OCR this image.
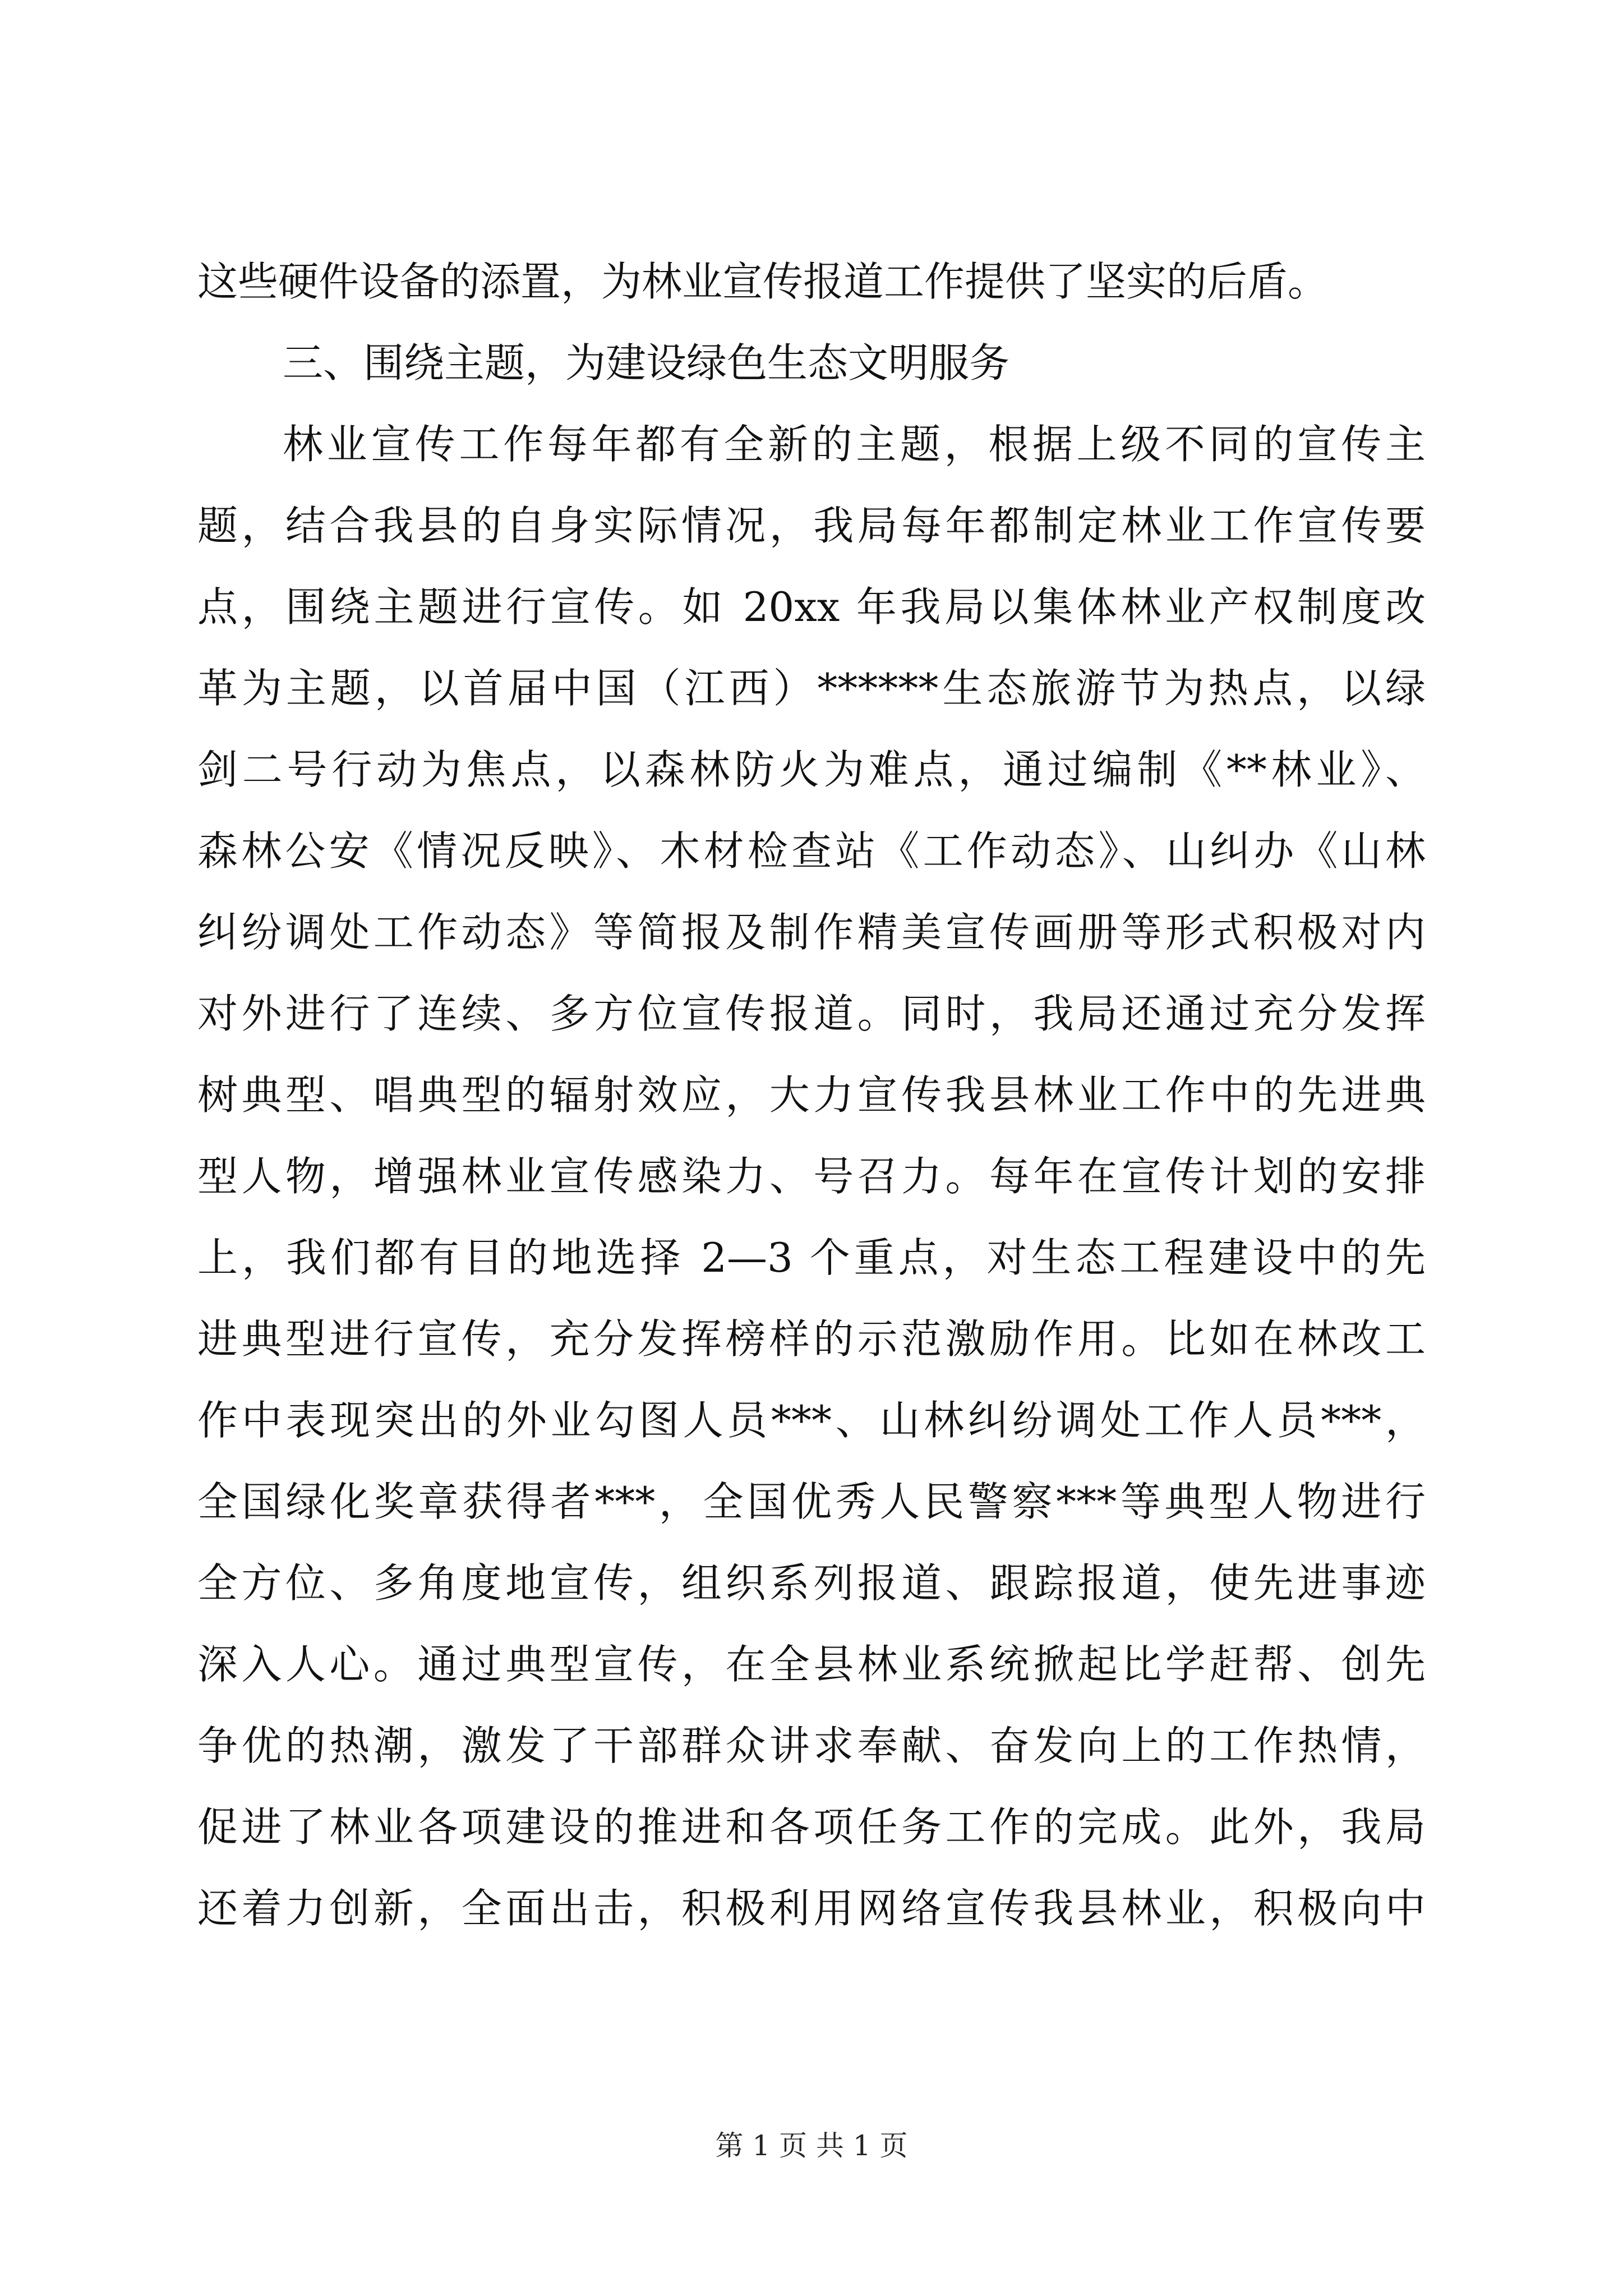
这些硬件设备的添置，为林业宣传报道工作提供了坚实的后盾。
三、围绕主题，为建设绿色生态文明服务
林业宣传工作每年都有全新的主题，根据上级不同的宣传主
题，结合我县的自身实际情况，我局每年都制定林业工作宣传要
点，围绕主题进行宣传。如 20xx 年我局以集体林业产权制度改
革为主题，以首届中国（江西）******生态旅游节为热点，以绿
剑二号行动为焦点，以森林防火为难点，通过编制《**林业》、
森林公安《情况反映》、木材检查站《工作动态》、山纠办《山林
纠纷调处工作动态》等简报及制作精美宣传画册等形式积极对内
对外进行了连续、多方位宣传报道。同时，我局还通过充分发挥
树典型、唱典型的辐射效应，大力宣传我县林业工作中的先进典
型人物，增强林业宣传感染力、号召力。每年在宣传计划的安排
上，我们都有目的地选择 2—3 个重点，对生态工程建设中的先
进典型进行宣传，充分发挥榜样的示范激励作用。比如在林改工
作中表现突出的外业勾图人员***、山林纠纷调处工作人员***，
全国绿化奖章获得者***，全国优秀人民警察***等典型人物进行
全方位、多角度地宣传，组织系列报道、跟踪报道，使先进事迹
深入人心。通过典型宣传，在全县林业系统掀起比学赶帮、创先
争优的热潮，激发了干部群众讲求奉献、奋发向上的工作热情，
促进了林业各项建设的推进和各项任务工作的完成。此外，我局
还着力创新，全面出击，积极利用网络宣传我县林业，积极向中
第 1 页 共 1 页
